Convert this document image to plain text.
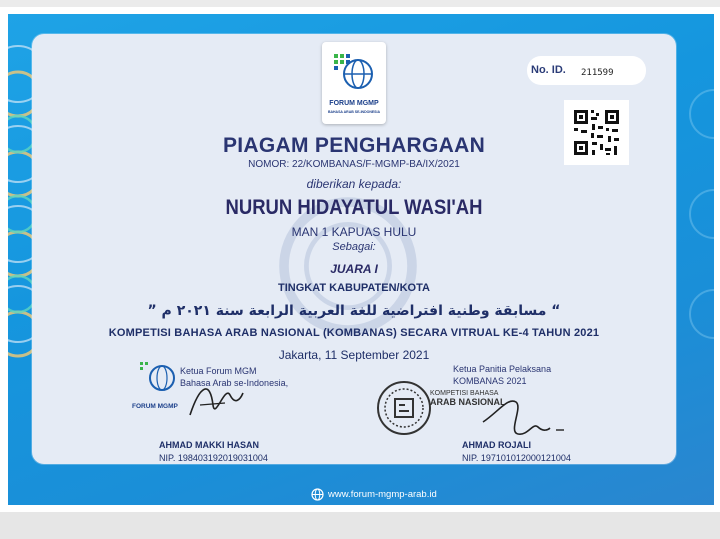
FORUM MGMP
BAHASA ARAB SE-INDONESIA
No. ID. 211599
PIAGAM PENGHARGAAN
NOMOR: 22/KOMBANAS/F-MGMP-BA/IX/2021
diberikan kepada:
NURUN HIDAYATUL WASI'AH
MAN 1 KAPUAS HULU
Sebagai:
JUARA I
TINGKAT KABUPATEN/KOTA
“ مسابقة وطنية افتراضية للغة العربية الرابعة سنة ٢٠٢١ م ”
KOMPETISI BAHASA ARAB NASIONAL (KOMBANAS) SECARA VITRUAL KE-4 TAHUN 2021
Jakarta, 11 September 2021
FORUM MGMP
Ketua Forum MGM
Bahasa Arab se-Indonesia,
AHMAD MAKKI HASAN
NIP. 198403192019031004
Ketua Panitia Pelaksana
KOMBANAS 2021
KOMPETISI BAHASA
ARAB NASIONAL
AHMAD ROJALI
NIP. 197101012000121004
www.forum-mgmp-arab.id
